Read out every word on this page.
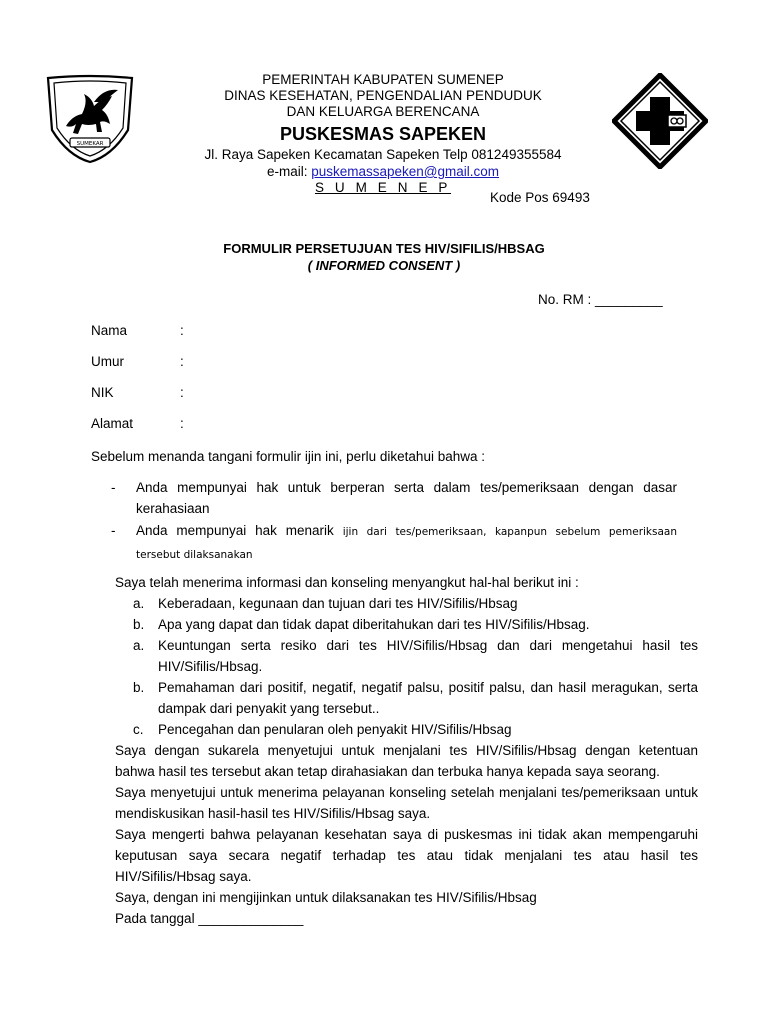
SUMEKAR
PEMERINTAH KABUPATEN SUMENEP
DINAS KESEHATAN, PENGENDALIAN PENDUDUK
DAN KELUARGA BERENCANA
PUSKESMAS SAPEKEN
Jl. Raya Sapeken Kecamatan Sapeken Telp 081249355584
e-mail: puskemassapeken@gmail.com
S U M E N E P
Kode Pos 69493
FORMULIR PERSETUJUAN TES HIV/SIFILIS/HBSAG
( INFORMED CONSENT )
No. RM : _________
Nama	:
Umur	:
NIK	:
Alamat	:
Sebelum menanda tangani formulir ijin ini, perlu diketahui bahwa :
- Anda mempunyai hak untuk berperan serta dalam tes/pemeriksaan dengan dasar kerahasiaan
- Anda mempunyai hak menarik ijin dari tes/pemeriksaan, kapanpun sebelum pemeriksaan tersebut dilaksanakan
Saya telah menerima informasi dan konseling menyangkut hal-hal berikut ini :
a. Keberadaan, kegunaan dan tujuan dari tes HIV/Sifilis/Hbsag
b. Apa yang dapat dan tidak dapat diberitahukan dari tes HIV/Sifilis/Hbsag.
a. Keuntungan serta resiko dari tes HIV/Sifilis/Hbsag dan dari mengetahui hasil tes HIV/Sifilis/Hbsag.
b. Pemahaman dari positif, negatif, negatif palsu, positif palsu, dan hasil meragukan, serta dampak dari penyakit yang tersebut..
c. Pencegahan dan penularan oleh penyakit HIV/Sifilis/Hbsag
Saya dengan sukarela menyetujui untuk menjalani tes HIV/Sifilis/Hbsag dengan ketentuan bahwa hasil tes tersebut akan tetap dirahasiakan dan terbuka hanya kepada saya seorang.
Saya menyetujui untuk menerima pelayanan konseling setelah menjalani tes/pemeriksaan untuk mendiskusikan hasil-hasil tes HIV/Sifilis/Hbsag saya.
Saya mengerti bahwa pelayanan kesehatan saya di puskesmas ini tidak akan mempengaruhi keputusan saya secara negatif terhadap tes atau tidak menjalani tes atau hasil tes HIV/Sifilis/Hbsag saya.
Saya, dengan ini mengijinkan untuk dilaksanakan tes HIV/Sifilis/Hbsag
Pada tanggal ______________
